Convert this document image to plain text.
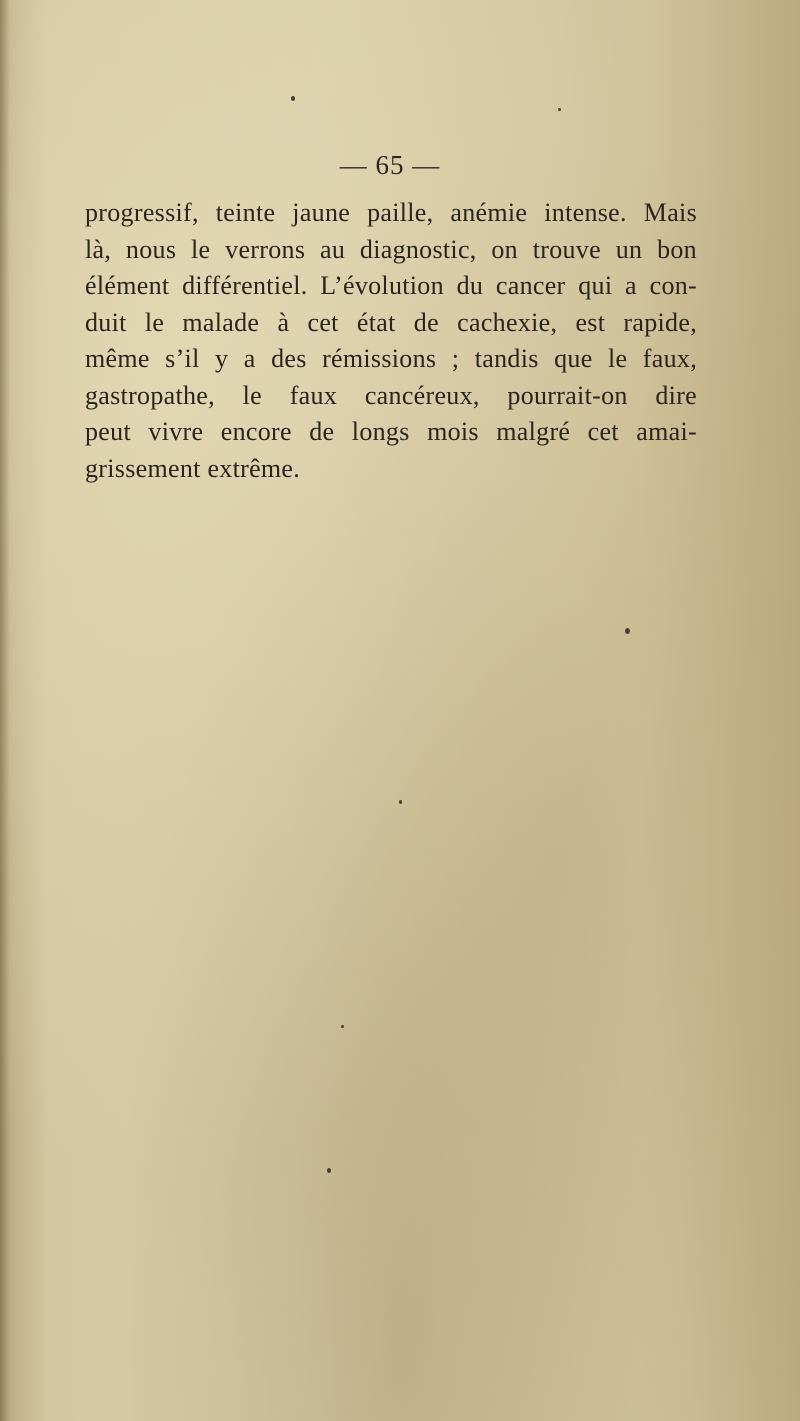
— 65 —
progressif, teinte jaune paille, anémie intense. Mais
là, nous le verrons au diagnostic, on trouve un bon
élément différentiel. L’évolution du cancer qui a con-
duit le malade à cet état de cachexie, est rapide,
même s’il y a des rémissions ; tandis que le faux,
gastropathe, le faux cancéreux, pourrait-on dire
peut vivre encore de longs mois malgré cet amai-
grissement extrême.
